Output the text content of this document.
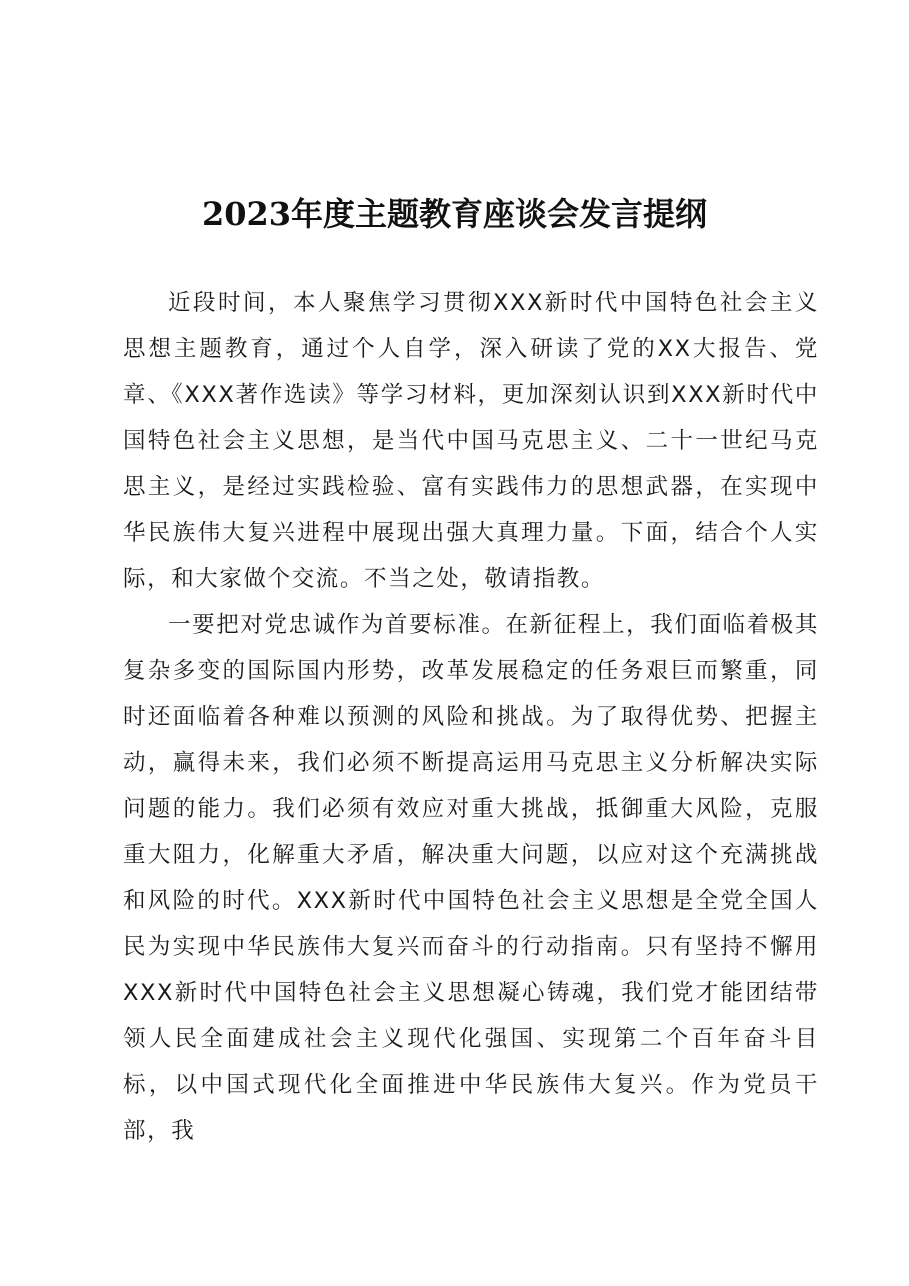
2023年度主题教育座谈会发言提纲

近段时间，本人聚焦学习贯彻XXX新时代中国特色社会主义思想主题教育，通过个人自学，深入研读了党的XX大报告、党章、《XXX著作选读》等学习材料，更加深刻认识到XXX新时代中国特色社会主义思想，是当代中国马克思主义、二十一世纪马克思主义，是经过实践检验、富有实践伟力的思想武器，在实现中华民族伟大复兴进程中展现出强大真理力量。下面，结合个人实际，和大家做个交流。不当之处，敬请指教。

一要把对党忠诚作为首要标准。在新征程上，我们面临着极其复杂多变的国际国内形势，改革发展稳定的任务艰巨而繁重，同时还面临着各种难以预测的风险和挑战。为了取得优势、把握主动，赢得未来，我们必须不断提高运用马克思主义分析解决实际问题的能力。我们必须有效应对重大挑战，抵御重大风险，克服重大阻力，化解重大矛盾，解决重大问题，以应对这个充满挑战和风险的时代。XXX新时代中国特色社会主义思想是全党全国人民为实现中华民族伟大复兴而奋斗的行动指南。只有坚持不懈用XXX新时代中国特色社会主义思想凝心铸魂，我们党才能团结带领人民全面建成社会主义现代化强国、实现第二个百年奋斗目标，以中国式现代化全面推进中华民族伟大复兴。作为党员干部，我
